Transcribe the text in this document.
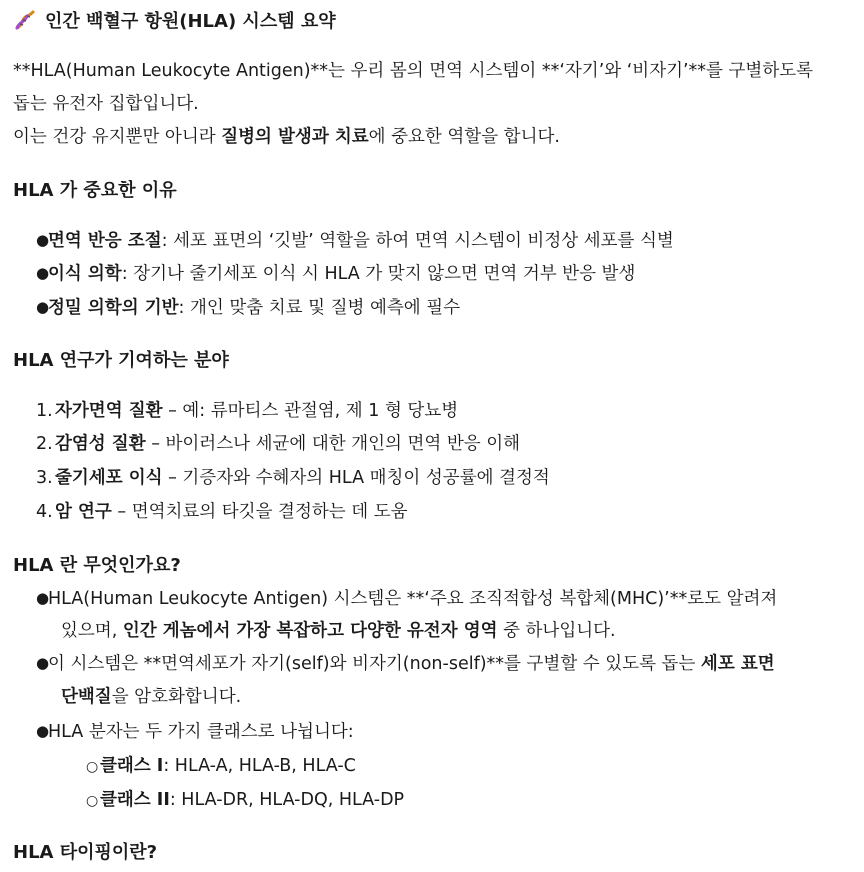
인간 백혈구 항원(HLA) 시스템 요약
**HLA(Human Leukocyte Antigen)**는 우리 몸의 면역 시스템이 **‘자기’와 ‘비자기’**를 구별하도록
돕는 유전자 집합입니다.
이는 건강 유지뿐만 아니라 질병의 발생과 치료에 중요한 역할을 합니다.
HLA 가 중요한 이유
●면역 반응 조절: 세포 표면의 ‘깃발’ 역할을 하여 면역 시스템이 비정상 세포를 식별
●이식 의학: 장기나 줄기세포 이식 시 HLA 가 맞지 않으면 면역 거부 반응 발생
●정밀 의학의 기반: 개인 맞춤 치료 및 질병 예측에 필수
HLA 연구가 기여하는 분야
1. 자가면역 질환 – 예: 류마티스 관절염, 제 1 형 당뇨병
2. 감염성 질환 – 바이러스나 세균에 대한 개인의 면역 반응 이해
3. 줄기세포 이식 – 기증자와 수혜자의 HLA 매칭이 성공률에 결정적
4. 암 연구 – 면역치료의 타깃을 결정하는 데 도움
HLA 란 무엇인가요?
●HLA(Human Leukocyte Antigen) 시스템은 **‘주요 조직적합성 복합체(MHC)’**로도 알려져
있으며, 인간 게놈에서 가장 복잡하고 다양한 유전자 영역 중 하나입니다.
●이 시스템은 **면역세포가 자기(self)와 비자기(non-self)**를 구별할 수 있도록 돕는 세포 표면
단백질을 암호화합니다.
●HLA 분자는 두 가지 클래스로 나뉩니다:
○ 클래스 I: HLA-A, HLA-B, HLA-C
○ 클래스 II: HLA-DR, HLA-DQ, HLA-DP
HLA 타이핑이란?
